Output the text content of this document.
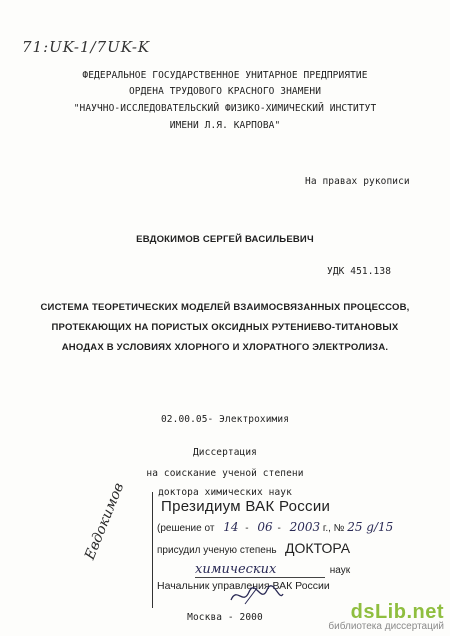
71:UK-1/7UK-K
ФЕДЕРАЛЬНОЕ ГОСУДАРСТВЕННОЕ УНИТАРНОЕ ПРЕДПРИЯТИЕ
ОРДЕНА ТРУДОВОГО КРАСНОГО ЗНАМЕНИ
"НАУЧНО-ИССЛЕДОВАТЕЛЬСКИЙ ФИЗИКО-ХИМИЧЕСКИЙ ИНСТИТУТ
ИМЕНИ Л.Я. КАРПОВА"
На правах рукописи
ЕВДОКИМОВ СЕРГЕЙ ВАСИЛЬЕВИЧ
УДК 451.138
СИСТЕМА ТЕОРЕТИЧЕСКИХ МОДЕЛЕЙ ВЗАИМОСВЯЗАННЫХ ПРОЦЕССОВ,
ПРОТЕКАЮЩИХ НА ПОРИСТЫХ ОКСИДНЫХ РУТЕНИЕВО-ТИТАНОВЫХ
АНОДАХ В УСЛОВИЯХ ХЛОРНОГО И ХЛОРАТНОГО ЭЛЕКТРОЛИЗА.
02.00.05- Электрохимия
Диссертация
на соискание ученой степени
доктора химических наук
Евдокимов Президиум ВАК России
(решение от 14 - 06 - 2003 г., № 25 g/15
присудил ученую степень ДОКТОРА
химических	наук
Начальник управления ВАК России
Москва - 2000	dsLib.net
библиотека диссертаций
